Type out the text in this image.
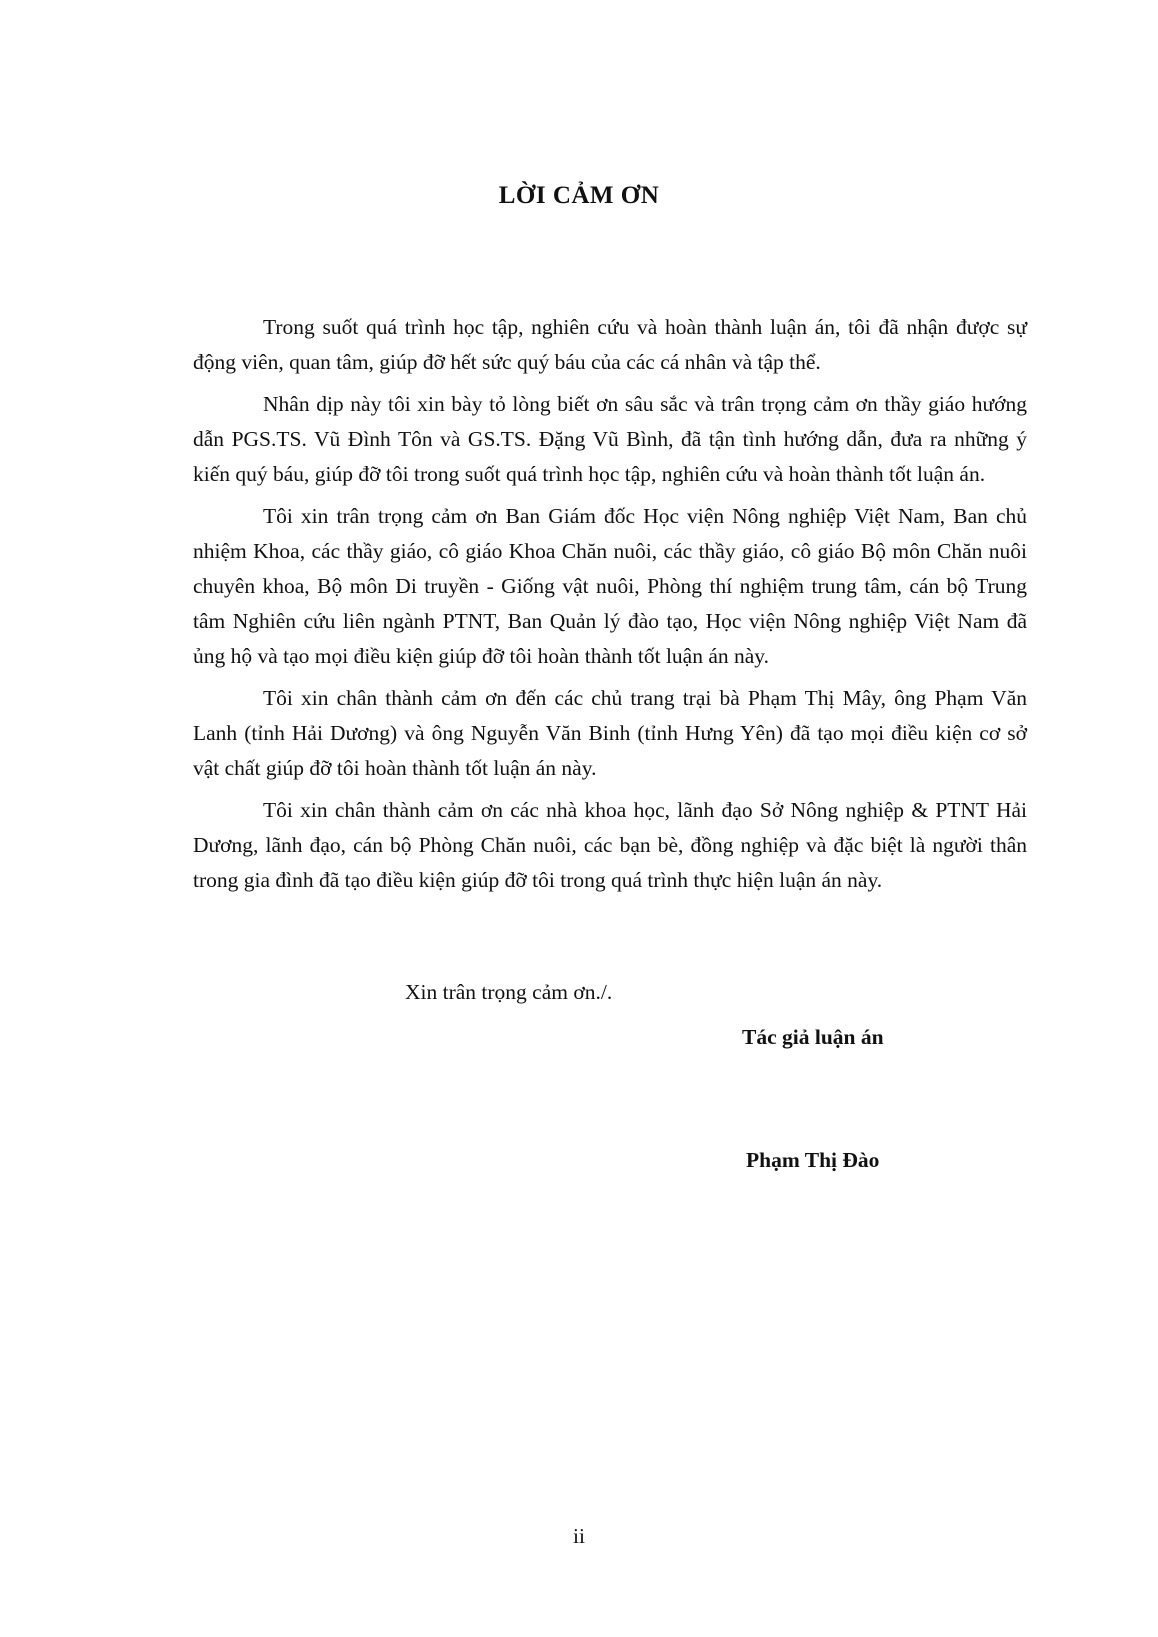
LỜI CẢM ƠN

Trong suốt quá trình học tập, nghiên cứu và hoàn thành luận án, tôi đã nhận được sự động viên, quan tâm, giúp đỡ hết sức quý báu của các cá nhân và tập thể.

Nhân dịp này tôi xin bày tỏ lòng biết ơn sâu sắc và trân trọng cảm ơn thầy giáo hướng dẫn PGS.TS. Vũ Đình Tôn và GS.TS. Đặng Vũ Bình, đã tận tình hướng dẫn, đưa ra những ý kiến quý báu, giúp đỡ tôi trong suốt quá trình học tập, nghiên cứu và hoàn thành tốt luận án.

Tôi xin trân trọng cảm ơn Ban Giám đốc Học viện Nông nghiệp Việt Nam, Ban chủ nhiệm Khoa, các thầy giáo, cô giáo Khoa Chăn nuôi, các thầy giáo, cô giáo Bộ môn Chăn nuôi chuyên khoa, Bộ môn Di truyền - Giống vật nuôi, Phòng thí nghiệm trung tâm, cán bộ Trung tâm Nghiên cứu liên ngành PTNT, Ban Quản lý đào tạo, Học viện Nông nghiệp Việt Nam đã ủng hộ và tạo mọi điều kiện giúp đỡ tôi hoàn thành tốt luận án này.

Tôi xin chân thành cảm ơn đến các chủ trang trại bà Phạm Thị Mây, ông Phạm Văn Lanh (tỉnh Hải Dương) và ông Nguyễn Văn Binh (tỉnh Hưng Yên) đã tạo mọi điều kiện cơ sở vật chất giúp đỡ tôi hoàn thành tốt luận án này.

Tôi xin chân thành cảm ơn các nhà khoa học, lãnh đạo Sở Nông nghiệp & PTNT Hải Dương, lãnh đạo, cán bộ Phòng Chăn nuôi, các bạn bè, đồng nghiệp và đặc biệt là người thân trong gia đình đã tạo điều kiện giúp đỡ tôi trong quá trình thực hiện luận án này.

Xin trân trọng cảm ơn./.

Tác giả luận án

Phạm Thị Đào

ii
